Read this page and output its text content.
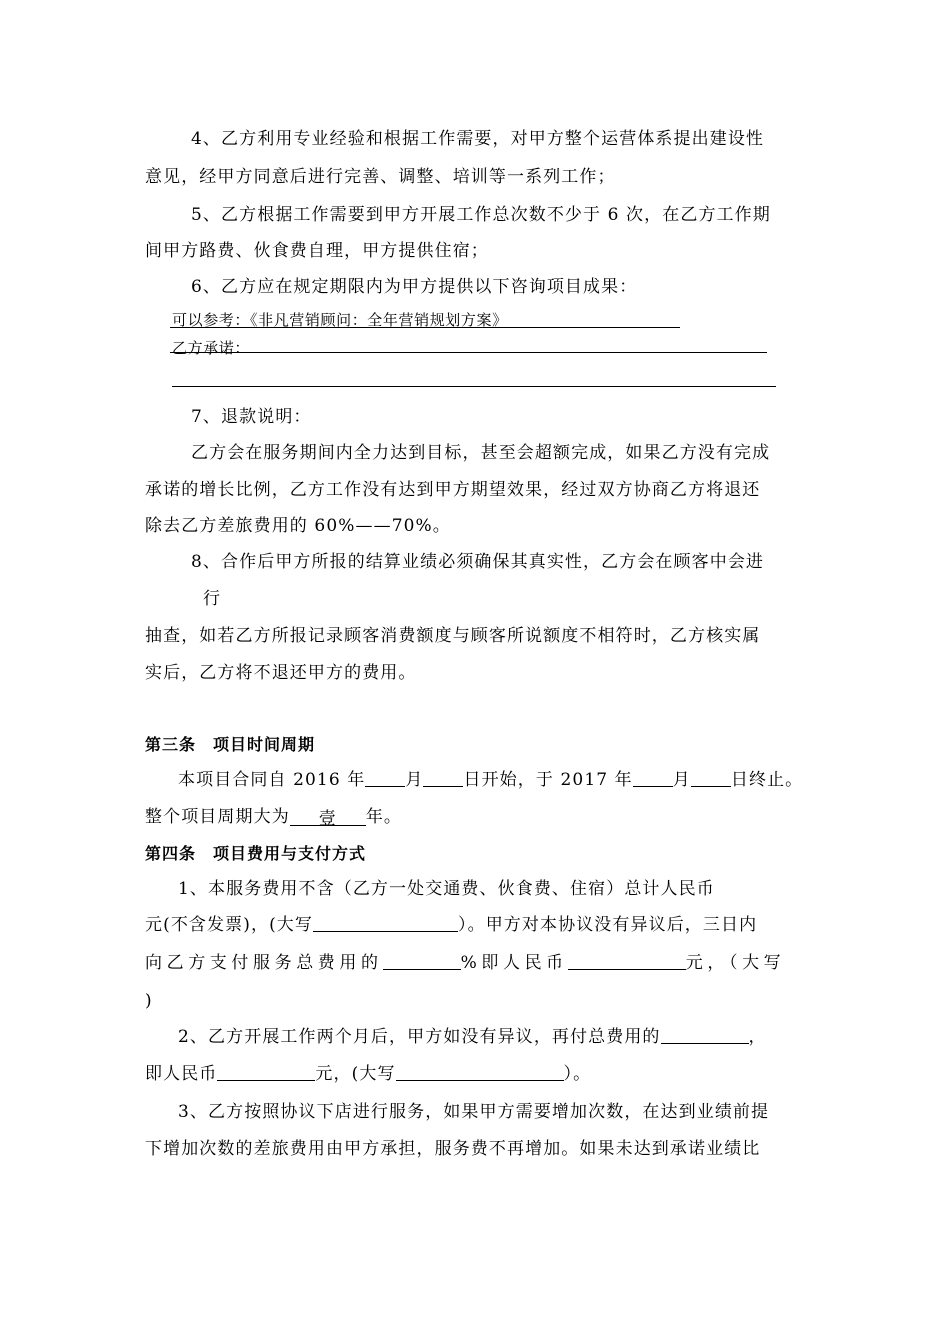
4、乙方利用专业经验和根据工作需要，对甲方整个运营体系提出建设性
意见，经甲方同意后进行完善、调整、培训等一系列工作；
5、乙方根据工作需要到甲方开展工作总次数不少于 6 次，在乙方工作期
间甲方路费、伙食费自理，甲方提供住宿；
6、乙方应在规定期限内为甲方提供以下咨询项目成果：
可以参考：《非凡营销顾问：全年营销规划方案》
乙方承诺：
7、退款说明：
乙方会在服务期间内全力达到目标，甚至会超额完成，如果乙方没有完成
承诺的增长比例，乙方工作没有达到甲方期望效果，经过双方协商乙方将退还
除去乙方差旅费用的 60%——70%。
8、合作后甲方所报的结算业绩必须确保其真实性，乙方会在顾客中会进
行
抽查，如若乙方所报记录顾客消费额度与顾客所说额度不相符时，乙方核实属
实后，乙方将不退还甲方的费用。
第三条　项目时间周期
本项目合同自 2016 年 月 日开始，于 2017 年 月 日终止。
整个项目周期大为 壹 年。
第四条　项目费用与支付方式
1、本服务费用不含（乙方一处交通费、伙食费、住宿）总计人民币
元(不含发票)，(大写	）。甲方对本协议没有异议后，三日内
向乙方支付服务总费用的	%即人民币	元，（大写
)
2、乙方开展工作两个月后，甲方如没有异议，再付总费用的	，
即人民币	元，(大写	）。
3、乙方按照协议下店进行服务，如果甲方需要增加次数，在达到业绩前提
下增加次数的差旅费用由甲方承担，服务费不再增加。如果未达到承诺业绩比
